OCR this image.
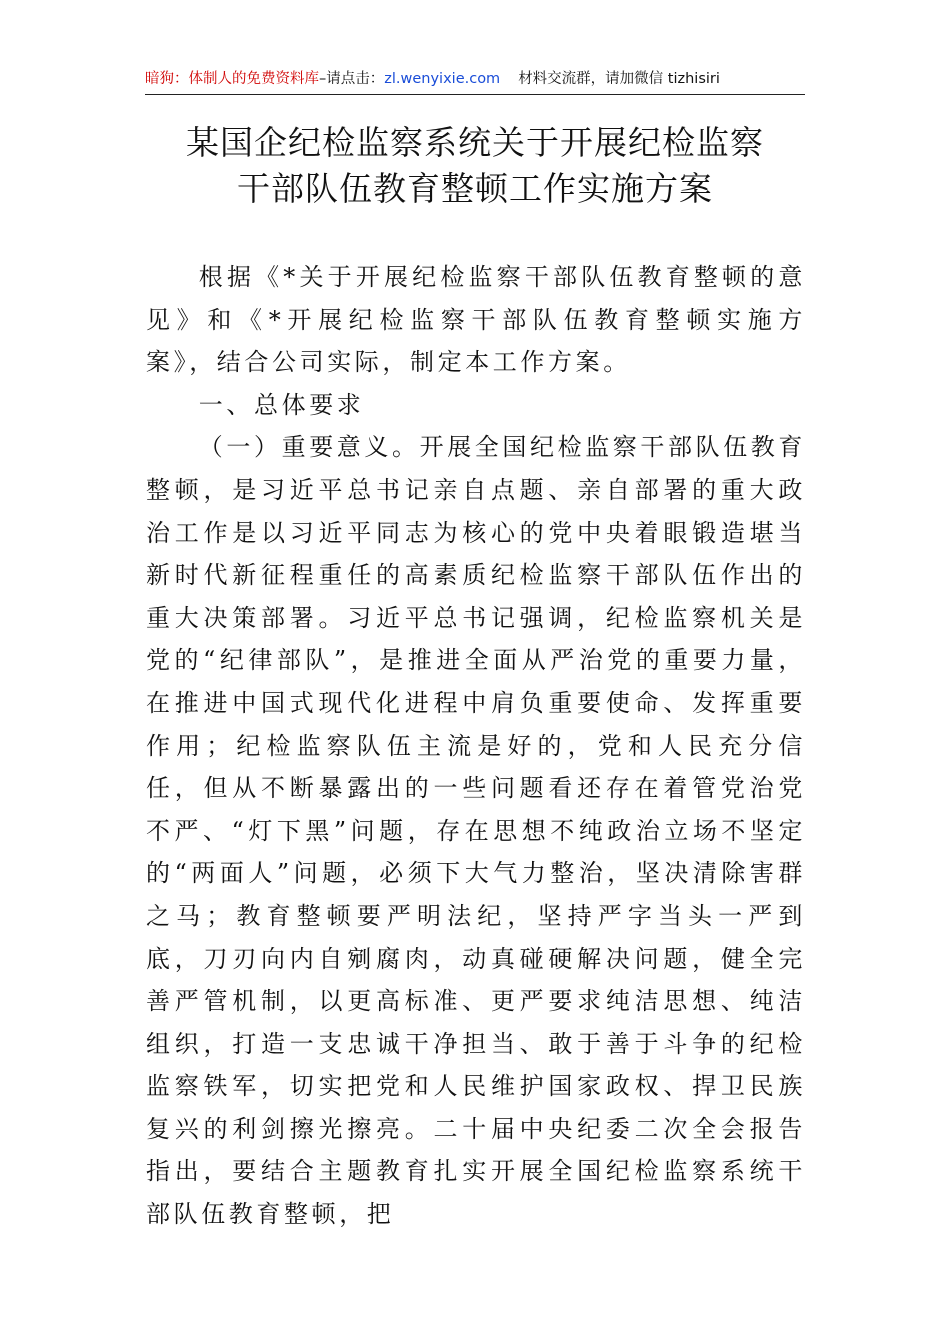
暗狗：体制人的免费资料库–请点击：zl.wenyixie.com 材料交流群，请加微信 tizhisiri
某国企纪检监察系统关于开展纪检监察
干部队伍教育整顿工作实施方案

根据《*关于开展纪检监察干部队伍教育整顿的意见》和《*开展纪检监察干部队伍教育整顿实施方案》，结合公司实际，制定本工作方案。

一、总体要求

（一）重要意义。开展全国纪检监察干部队伍教育整顿，是习近平总书记亲自点题、亲自部署的重大政治工作是以习近平同志为核心的党中央着眼锻造堪当新时代新征程重任的高素质纪检监察干部队伍作出的重大决策部署。习近平总书记强调，纪检监察机关是党的“纪律部队”，是推进全面从严治党的重要力量，在推进中国式现代化进程中肩负重要使命、发挥重要作用；纪检监察队伍主流是好的，党和人民充分信任，但从不断暴露出的一些问题看还存在着管党治党不严、“灯下黑”问题，存在思想不纯政治立场不坚定的“两面人”问题，必须下大气力整治，坚决清除害群之马；教育整顿要严明法纪，坚持严字当头一严到底，刀刃向内自剜腐肉，动真碰硬解决问题，健全完善严管机制，以更高标准、更严要求纯洁思想、纯洁组织，打造一支忠诚干净担当、敢于善于斗争的纪检监察铁军，切实把党和人民维护国家政权、捍卫民族复兴的利剑擦光擦亮。二十届中央纪委二次全会报告指出，要结合主题教育扎实开展全国纪检监察系统干部队伍教育整顿，把
